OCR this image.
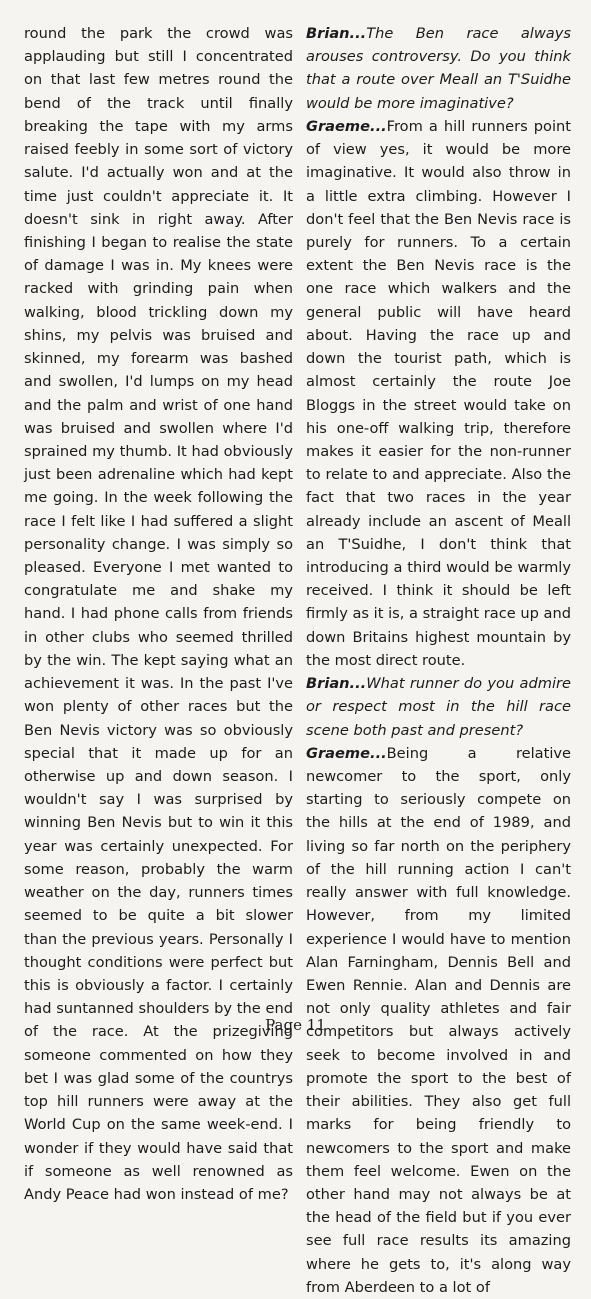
round the park the crowd was applauding but still I concentrated on that last few metres round the bend of the track until finally breaking the tape with my arms raised feebly in some sort of victory salute. I'd actually won and at the time just couldn't appreciate it. It doesn't sink in right away. After finishing I began to realise the state of damage I was in. My knees were racked with grinding pain when walking, blood trickling down my shins, my pelvis was bruised and skinned, my forearm was bashed and swollen, I'd lumps on my head and the palm and wrist of one hand was bruised and swollen where I'd sprained my thumb. It had obviously just been adrenaline which had kept me going. In the week following the race I felt like I had suffered a slight personality change. I was simply so pleased. Everyone I met wanted to congratulate me and shake my hand. I had phone calls from friends in other clubs who seemed thrilled by the win. The kept saying what an achievement it was. In the past I've won plenty of other races but the Ben Nevis victory was so obviously special that it made up for an otherwise up and down season. I wouldn't say I was surprised by winning Ben Nevis but to win it this year was certainly unexpected. For some reason, probably the warm weather on the day, runners times seemed to be quite a bit slower than the previous years. Personally I thought conditions were perfect but this is obviously a factor. I certainly had suntanned shoulders by the end of the race. At the prizegiving someone commented on how they bet I was glad some of the countrys top hill runners were away at the World Cup on the same week-end. I wonder if they would have said that if someone as well renowned as Andy Peace had won instead of me?

Brian...The Ben race always arouses controversy. Do you think that a route over Meall an T'Suidhe would be more imaginative?

Graeme...From a hill runners point of view yes, it would be more imaginative. It would also throw in a little extra climbing. However I don't feel that the Ben Nevis race is purely for runners. To a certain extent the Ben Nevis race is the one race which walkers and the general public will have heard about. Having the race up and down the tourist path, which is almost certainly the route Joe Bloggs in the street would take on his one-off walking trip, therefore makes it easier for the non-runner to relate to and appreciate. Also the fact that two races in the year already include an ascent of Meall an T'Suidhe, I don't think that introducing a third would be warmly received. I think it should be left firmly as it is, a straight race up and down Britains highest mountain by the most direct route.

Brian...What runner do you admire or respect most in the hill race scene both past and present?

Graeme...Being a relative newcomer to the sport, only starting to seriously compete on the hills at the end of 1989, and living so far north on the periphery of the hill running action I can't really answer with full knowledge. However, from my limited experience I would have to mention Alan Farningham, Dennis Bell and Ewen Rennie. Alan and Dennis are not only quality athletes and fair competitors but always actively seek to become involved in and promote the sport to the best of their abilities. They also get full marks for being friendly to newcomers to the sport and make them feel welcome. Ewen on the other hand may not always be at the head of the field but if you ever see full race results its amazing where he gets to, it's along way from Aberdeen to a lot of

Page 11
